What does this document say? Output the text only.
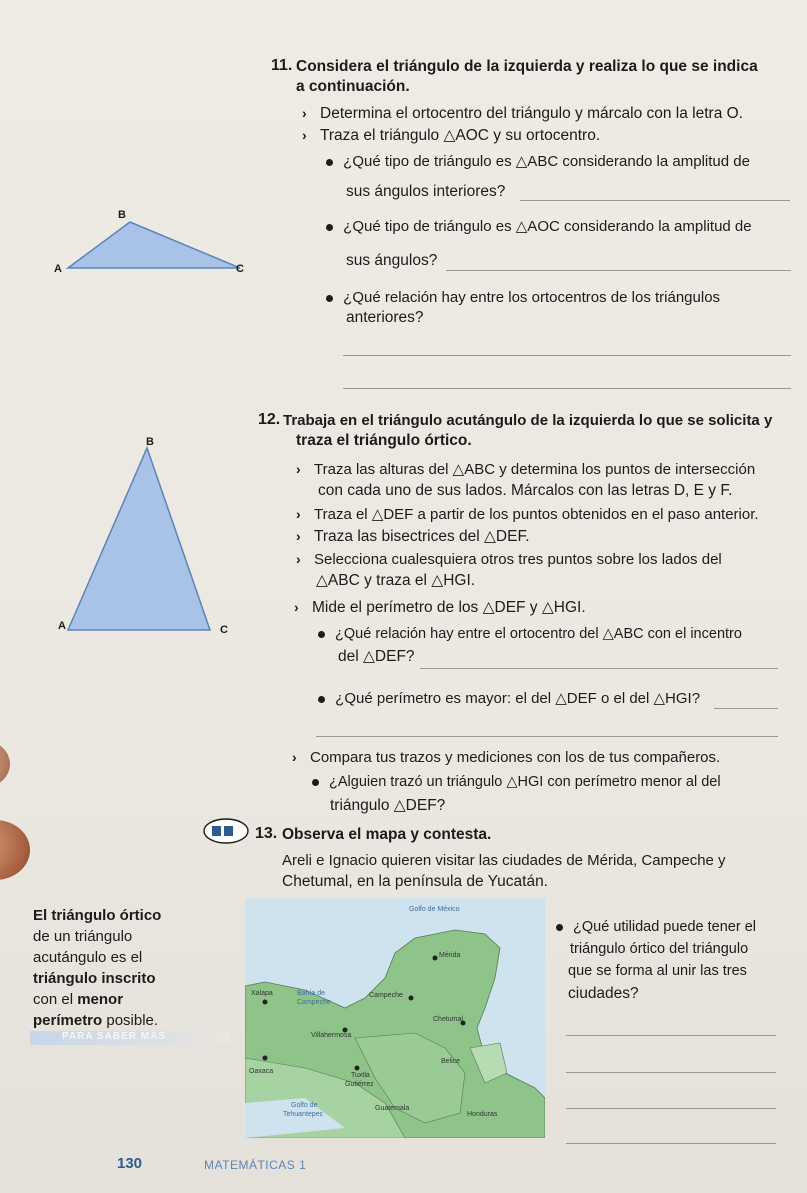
11. Considera el triángulo de la izquierda y realiza lo que se indica
a continuación.
› Determina el ortocentro del triángulo y márcalo con la letra O.
› Traza el triángulo △AOC y su ortocentro.
¿Qué tipo de triángulo es △ABC considerando la amplitud de
sus ángulos interiores?
¿Qué tipo de triángulo es △AOC considerando la amplitud de
sus ángulos?
¿Qué relación hay entre los ortocentros de los triángulos
anteriores?
B
A	C
12. Trabaja en el triángulo acutángulo de la izquierda lo que se solicita y
traza el triángulo órtico.
› Traza las alturas del △ABC y determina los puntos de intersección
con cada uno de sus lados. Márcalos con las letras D, E y F.
› Traza el △DEF a partir de los puntos obtenidos en el paso anterior.
› Traza las bisectrices del △DEF.
› Selecciona cualesquiera otros tres puntos sobre los lados del
△ABC y traza el △HGI.
› Mide el perímetro de los △DEF y △HGI.
¿Qué relación hay entre el ortocentro del △ABC con el incentro
del △DEF?
¿Qué perímetro es mayor: el del △DEF o el del △HGI?
› Compara tus trazos y mediciones con los de tus compañeros.
¿Alguien trazó un triángulo △HGI con perímetro menor al del
triángulo △DEF?
B
A	C
13. Observa el mapa y contesta.
Areli e Ignacio quieren visitar las ciudades de Mérida, Campeche y
Chetumal, en la península de Yucatán.
El triángulo órtico
de un triángulo
acutángulo es el
triángulo inscrito
con el menor
perímetro posible.
PARA SABER MÁS
Golfo de México
Mérida
Campeche
Chetumal
Xalapa	Bahía de
Campeche
Villahermosa
Oaxaca
Tuxtla
Gutiérrez
Belice
Golfo de
Tehuantepec
Guatemala
Honduras
¿Qué utilidad puede tener el
triángulo órtico del triángulo
que se forma al unir las tres
ciudades?
130	MATEMÁTICAS 1
